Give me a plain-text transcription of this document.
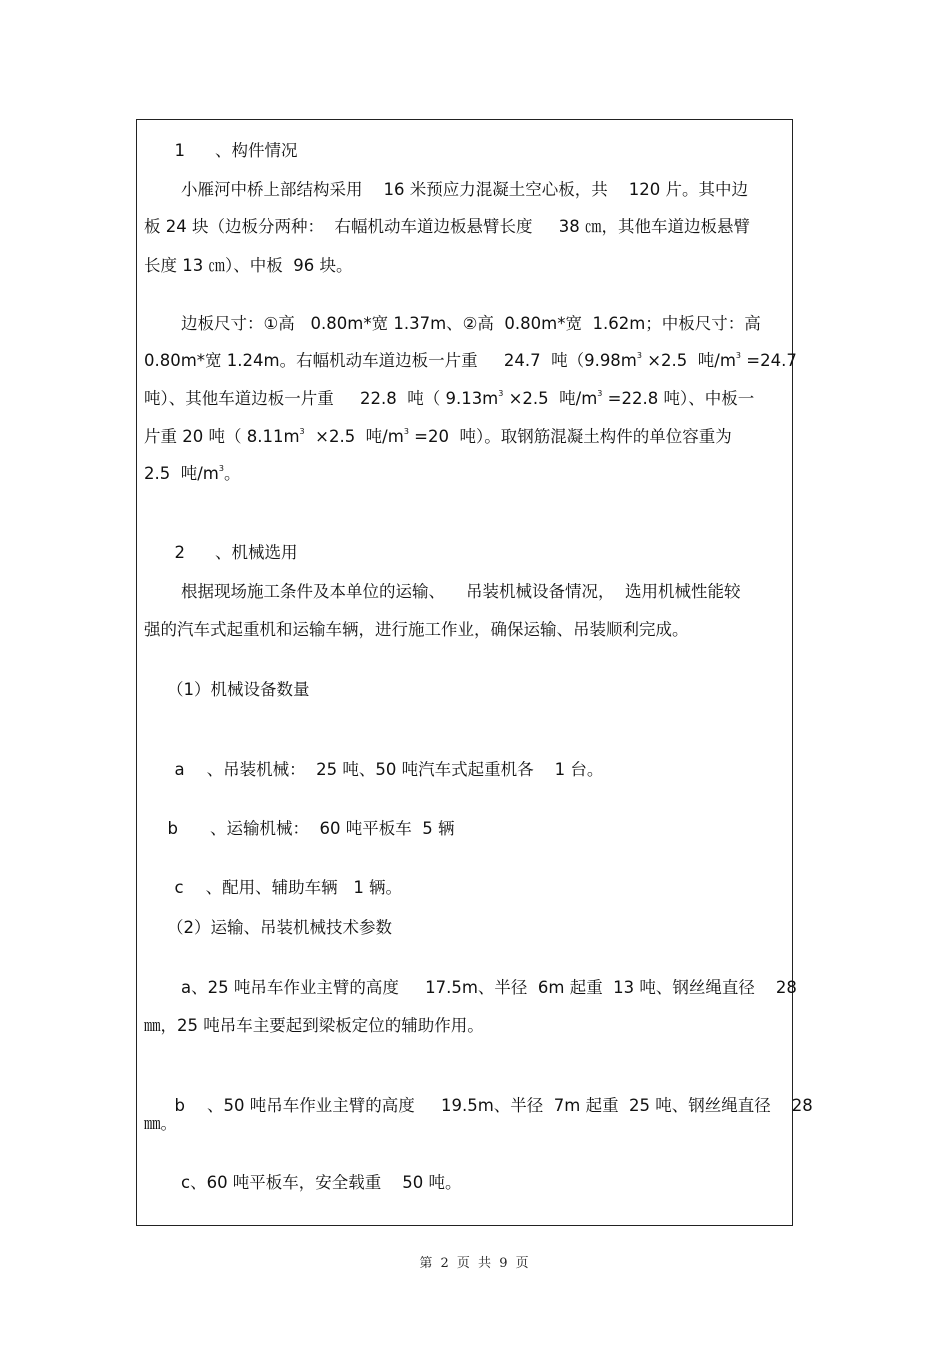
1 、构件情况

小雁河中桥上部结构采用    16 米预应力混凝土空心板，共    120 片。其中边
板 24 块（边板分两种：  右幅机动车道边板悬臂长度     38 ㎝，其他车道边板悬臂
长度 13 ㎝）、中板  96 块。
边板尺寸：①高   0.80m*宽 1.37m、②高  0.80m*宽  1.62m；中板尺寸：高
0.80m*宽 1.24m。右幅机动车道边板一片重     24.7  吨（$9.98m^3 \times 2.5$  吨$/m^3 =24.7$
吨）、其他车道边板一片重     22.8  吨（ $9.13m^3 \times 2.5$  吨$/m^3 =22.8$ 吨）、中板一
片重 20 吨（ $8.11m^3 \times 2.5$  吨$/m^3 =20$  吨）。取钢筋混凝土构件的单位容重为
2.5  吨$/m^3$。

2 、机械选用

根据现场施工条件及本单位的运输、    吊装机械设备情况，  选用机械性能较
强的汽车式起重机和运输车辆，进行施工作业，确保运输、吊装顺利完成。
（1）机械设备数量

a 、吊装机械：  25 吨、50 吨汽车式起重机各    1 台。

b 、运输机械：  60 吨平板车  5 辆

c 、配用、辅助车辆   1 辆。

（2）运输、吊装机械技术参数
a、25 吨吊车作业主臂的高度     17.5m、半径  6m 起重  13 吨、钢丝绳直径    28
㎜，25 吨吊车主要起到梁板定位的辅助作用。

b 、50 吨吊车作业主臂的高度     19.5m、半径  7m 起重  25 吨、钢丝绳直径    28

㎜。
c、60 吨平板车，安全载重    50 吨。
第 2 页 共 9 页
